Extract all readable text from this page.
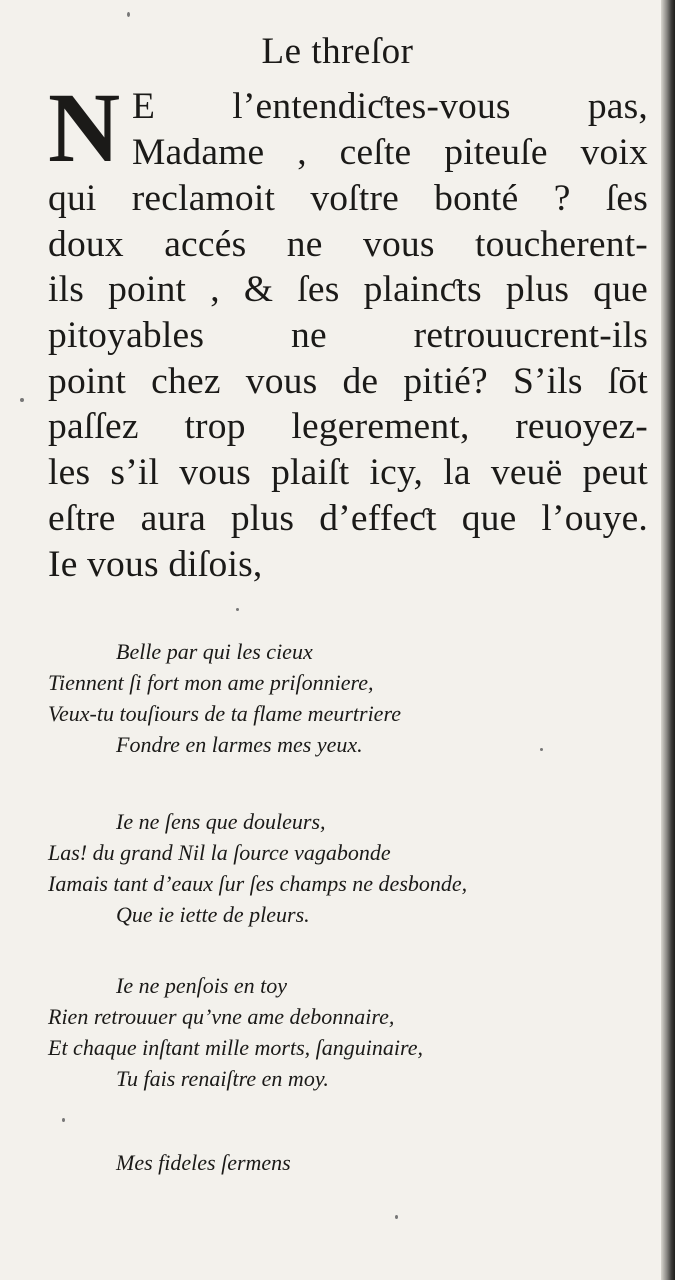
Le threſor
N E l’entendiƈtes-vous pas,
Madame , ceſte piteuſe voix
qui reclamoit voſtre bonté ? ſes
doux accés ne vous toucherent-
ils point , & ſes plainƈts plus que
pitoyables ne retrouucrent-ils
point chez vous de pitié? S’ils ſōt
paſſez trop legerement, reuoyez-
les s’il vous plaiſt icy, la veuë peut
eſtre aura plus d’effeƈt que l’ouye.
Ie vous diſois,
Belle par qui les cieux
Tiennent ſi fort mon ame priſonniere,
Veux-tu touſiours de ta flame meurtriere
Fondre en larmes mes yeux.
Ie ne ſens que douleurs,
Las! du grand Nil la ſource vagabonde
Iamais tant d’eaux ſur ſes champs ne desbonde,
Que ie iette de pleurs.
Ie ne penſois en toy
Rien retrouuer qu’vne ame debonnaire,
Et chaque inſtant mille morts, ſanguinaire,
Tu fais renaiſtre en moy.
Mes fideles ſermens
